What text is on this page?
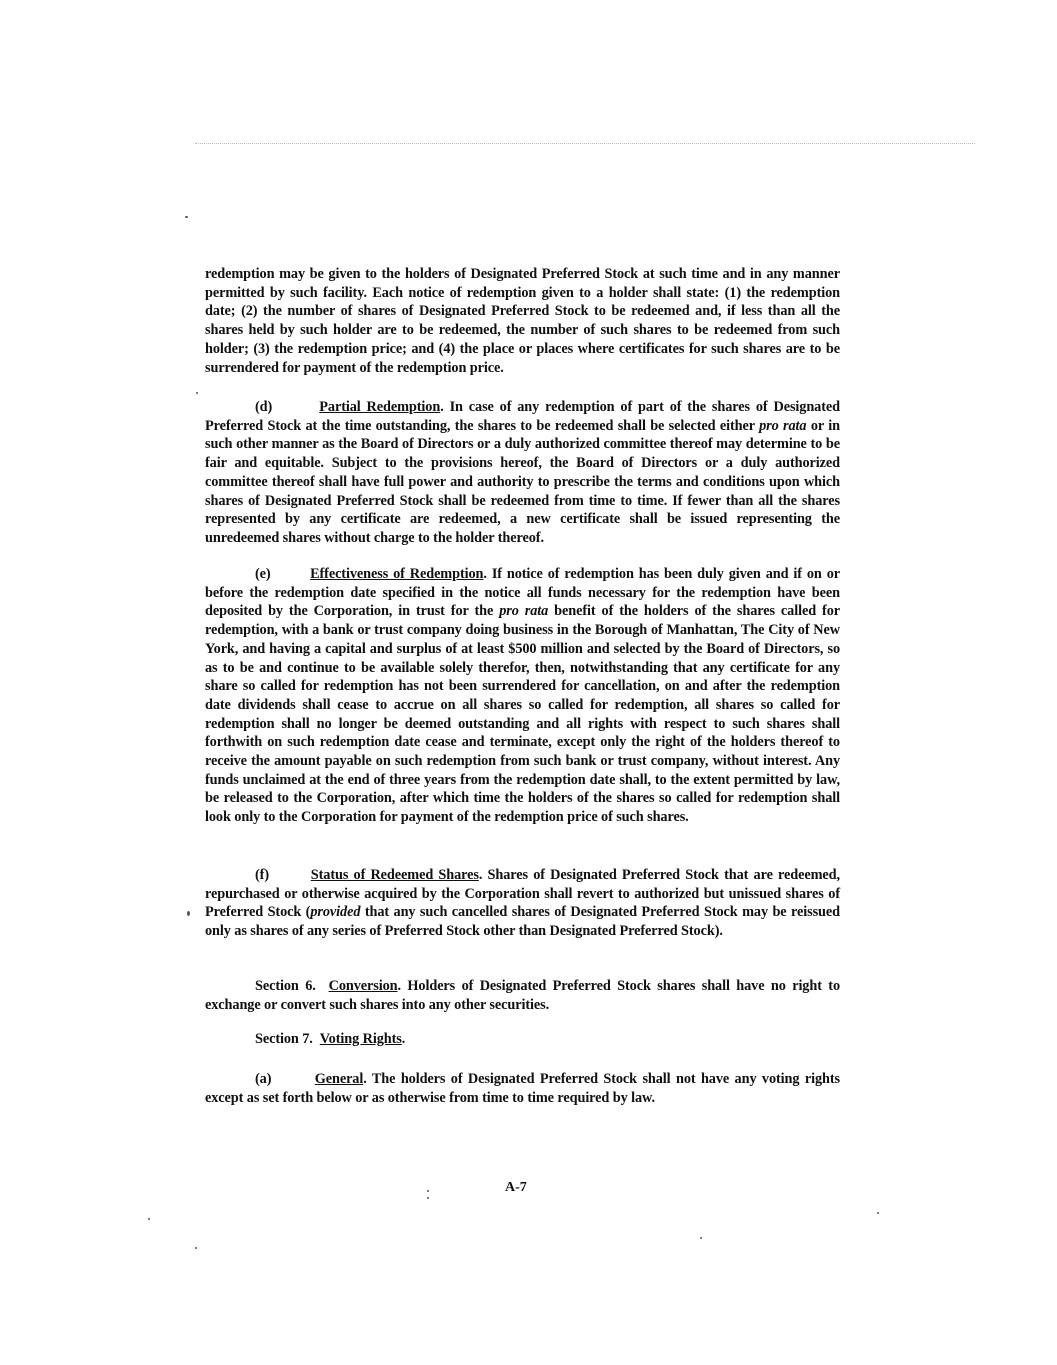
redemption may be given to the holders of Designated Preferred Stock at such time and in any manner permitted by such facility. Each notice of redemption given to a holder shall state: (1) the redemption date; (2) the number of shares of Designated Preferred Stock to be redeemed and, if less than all the shares held by such holder are to be redeemed, the number of such shares to be redeemed from such holder; (3) the redemption price; and (4) the place or places where certificates for such shares are to be surrendered for payment of the redemption price.
(d)	Partial Redemption. In case of any redemption of part of the shares of Designated Preferred Stock at the time outstanding, the shares to be redeemed shall be selected either pro rata or in such other manner as the Board of Directors or a duly authorized committee thereof may determine to be fair and equitable. Subject to the provisions hereof, the Board of Directors or a duly authorized committee thereof shall have full power and authority to prescribe the terms and conditions upon which shares of Designated Preferred Stock shall be redeemed from time to time. If fewer than all the shares represented by any certificate are redeemed, a new certificate shall be issued representing the unredeemed shares without charge to the holder thereof.
(e)	Effectiveness of Redemption. If notice of redemption has been duly given and if on or before the redemption date specified in the notice all funds necessary for the redemption have been deposited by the Corporation, in trust for the pro rata benefit of the holders of the shares called for redemption, with a bank or trust company doing business in the Borough of Manhattan, The City of New York, and having a capital and surplus of at least $500 million and selected by the Board of Directors, so as to be and continue to be available solely therefor, then, notwithstanding that any certificate for any share so called for redemption has not been surrendered for cancellation, on and after the redemption date dividends shall cease to accrue on all shares so called for redemption, all shares so called for redemption shall no longer be deemed outstanding and all rights with respect to such shares shall forthwith on such redemption date cease and terminate, except only the right of the holders thereof to receive the amount payable on such redemption from such bank or trust company, without interest. Any funds unclaimed at the end of three years from the redemption date shall, to the extent permitted by law, be released to the Corporation, after which time the holders of the shares so called for redemption shall look only to the Corporation for payment of the redemption price of such shares.
(f)	Status of Redeemed Shares. Shares of Designated Preferred Stock that are redeemed, repurchased or otherwise acquired by the Corporation shall revert to authorized but unissued shares of Preferred Stock (provided that any such cancelled shares of Designated Preferred Stock may be reissued only as shares of any series of Preferred Stock other than Designated Preferred Stock).
Section 6. Conversion. Holders of Designated Preferred Stock shares shall have no right to exchange or convert such shares into any other securities.
Section 7. Voting Rights.
(a)	General. The holders of Designated Preferred Stock shall not have any voting rights except as set forth below or as otherwise from time to time required by law.
A-7
